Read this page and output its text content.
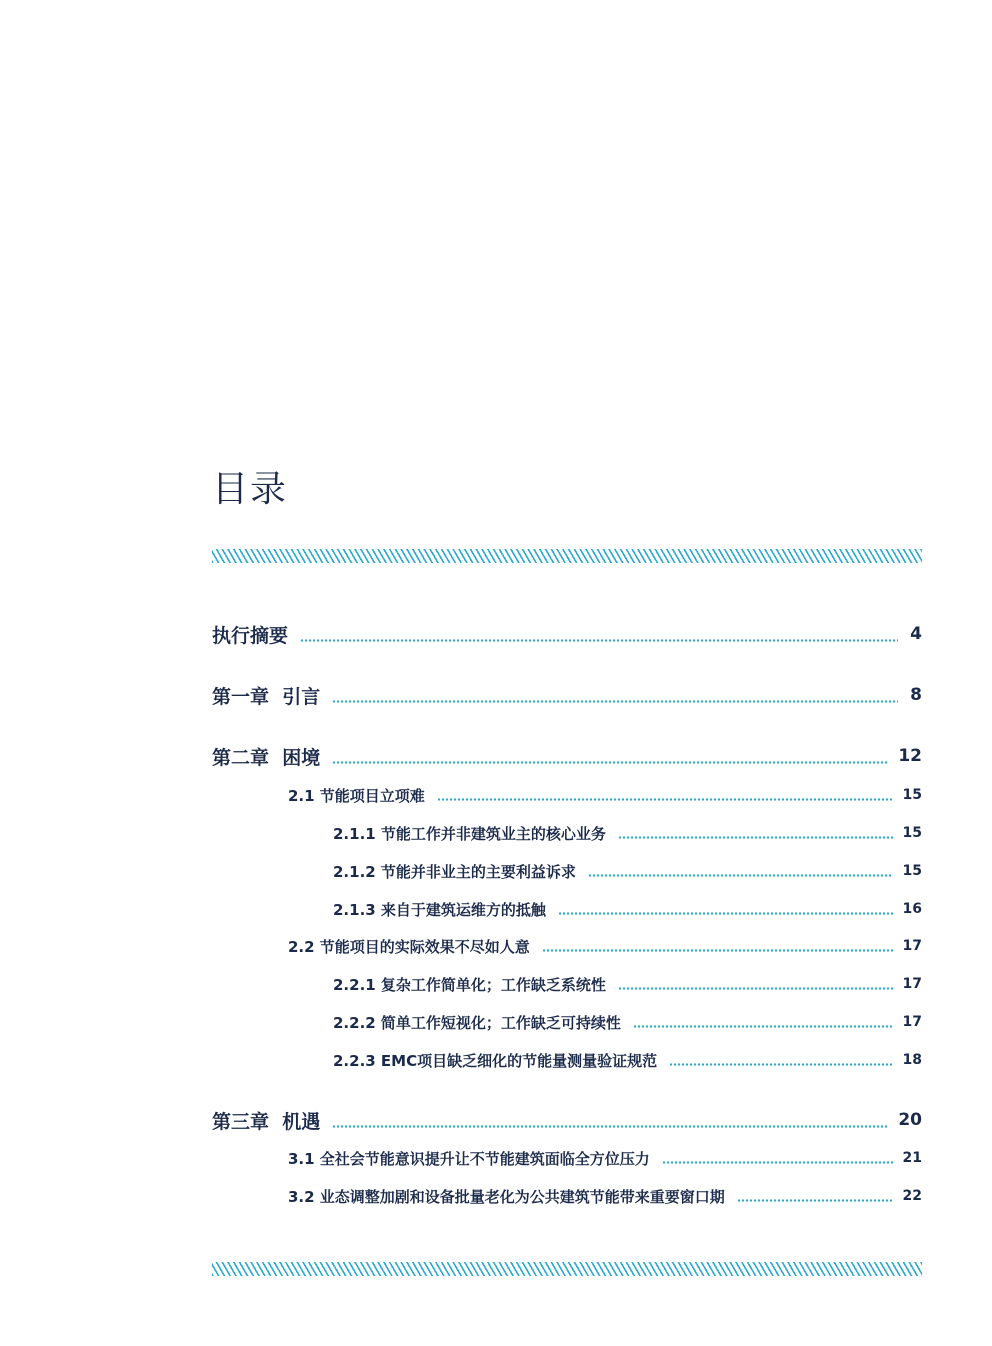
目录
执行摘要	4
第一章  引言	8
第二章  困境	12
2.1 节能项目立项难	15
2.1.1 节能工作并非建筑业主的核心业务	15
2.1.2 节能并非业主的主要利益诉求	15
2.1.3 来自于建筑运维方的抵触	16
2.2 节能项目的实际效果不尽如人意	17
2.2.1 复杂工作简单化；工作缺乏系统性	17
2.2.2 简单工作短视化；工作缺乏可持续性	17
2.2.3 EMC项目缺乏细化的节能量测量验证规范	18
第三章  机遇	20
3.1 全社会节能意识提升让不节能建筑面临全方位压力	21
3.2 业态调整加剧和设备批量老化为公共建筑节能带来重要窗口期	22
